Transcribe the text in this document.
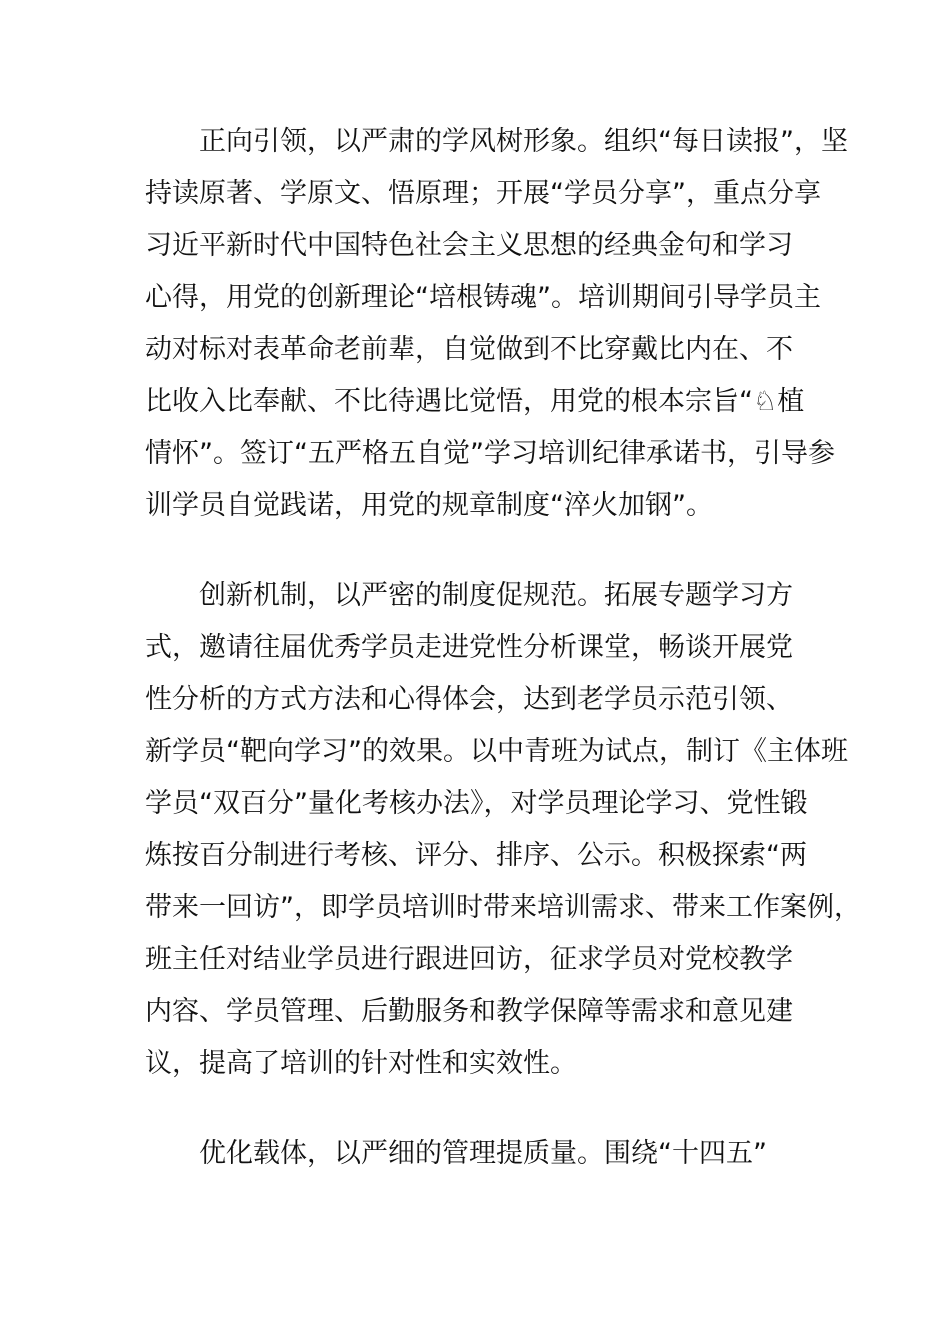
正向引领，以严肃的学风树形象。组织“每日读报”，坚
持读原著、学原文、悟原理；开展“学员分享”，重点分享
习近平新时代中国特色社会主义思想的经典金句和学习
心得，用党的创新理论“培根铸魂”。培训期间引导学员主
动对标对表革命老前辈，自觉做到不比穿戴比内在、不
比收入比奉献、不比待遇比觉悟，用党的根本宗旨“♘植
情怀”。签订“五严格五自觉”学习培训纪律承诺书，引导参
训学员自觉践诺，用党的规章制度“淬火加钢”。
创新机制，以严密的制度促规范。拓展专题学习方
式，邀请往届优秀学员走进党性分析课堂，畅谈开展党
性分析的方式方法和心得体会，达到老学员示范引领、
新学员“靶向学习”的效果。以中青班为试点，制订《主体班
学员“双百分”量化考核办法》，对学员理论学习、党性锻
炼按百分制进行考核、评分、排序、公示。积极探索“两
带来一回访”，即学员培训时带来培训需求、带来工作案例，
班主任对结业学员进行跟进回访，征求学员对党校教学
内容、学员管理、后勤服务和教学保障等需求和意见建
议，提高了培训的针对性和实效性。
优化载体，以严细的管理提质量。围绕“十四五”
